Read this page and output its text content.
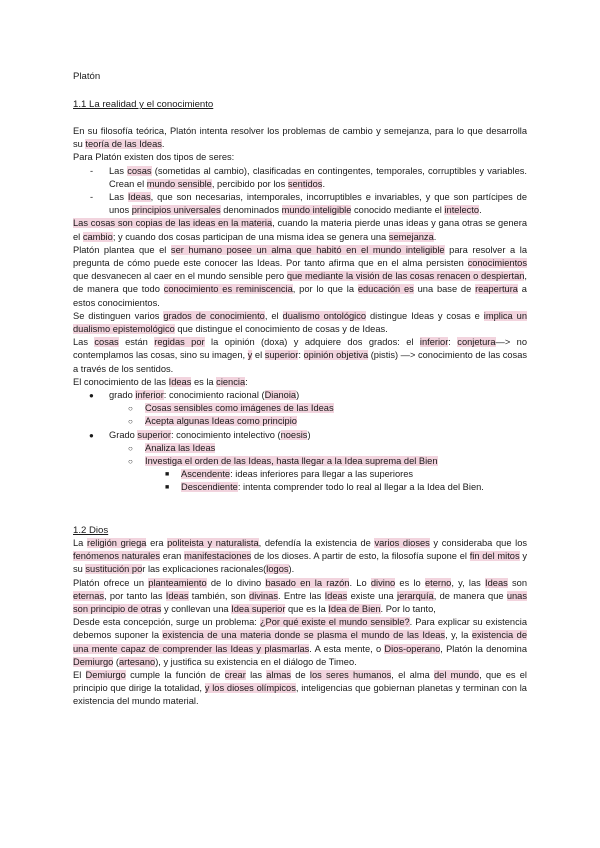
Platón
1.1 La realidad y el conocimiento

En su filosofía teórica, Platón intenta resolver los problemas de cambio y semejanza, para lo que desarrolla su teoría de las Ideas.

Para Platón existen dos tipos de seres:

- Las cosas (sometidas al cambio), clasificadas en contingentes, temporales, corruptibles y variables. Crean el mundo sensible, percibido por los sentidos.
- Las Ideas, que son necesarias, intemporales, incorruptibles e invariables, y que son partícipes de unos principios universales denominados mundo inteligible conocido mediante el intelecto.

Las cosas son copias de las ideas en la materia, cuando la materia pierde unas ideas y gana otras se genera el cambio; y cuando dos cosas participan de una misma idea se genera una semejanza.

Platón plantea que el ser humano posee un alma que habitó en el mundo inteligible para resolver a la pregunta de cómo puede este conocer las Ideas. Por tanto afirma que en el alma persisten conocimientos que desvanecen al caer en el mundo sensible pero que mediante la visión de las cosas renacen o despiertan, de manera que todo conocimiento es reminiscencia, por lo que la educación es una base de reapertura a estos conocimientos.

Se distinguen varios grados de conocimiento, el dualismo ontológico distingue Ideas y cosas e implica un dualismo epistemológico que distingue el conocimiento de cosas y de Ideas.

Las cosas están regidas por la opinión (doxa) y adquiere dos grados: el inferior: conjetura—> no contemplamos las cosas, sino su imagen, y el superior: opinión objetiva (pistis) —> conocimiento de las cosas a través de los sentidos.

El conocimiento de las Ideas es la ciencia:

● grado inferior: conocimiento racional (Dianoia)
○ Cosas sensibles como imágenes de las Ideas
○ Acepta algunas Ideas como principio
● Grado superior: conocimiento intelectivo (noesis)
○ Analiza las Ideas
○ Investiga el orden de las Ideas, hasta llegar a la Idea suprema del Bien
■ Ascendente: ideas inferiores para llegar a las superiores
■ Descendiente: intenta comprender todo lo real al llegar a la Idea del Bien.
1.2 Dios

La religión griega era politeista y naturalista, defendía la existencia de varios dioses y consideraba que los fenómenos naturales eran manifestaciones de los dioses. A partir de esto, la filosofía supone el fin del mitos y su sustitución por las explicaciones racionales(logos).

Platón ofrece un planteamiento de lo divino basado en la razón. Lo divino es lo eterno, y, las Ideas son eternas, por tanto las Ideas también, son divinas. Entre las Ideas existe una jerarquía, de manera que unas son principio de otras y conllevan una Idea superior que es la Idea de Bien. Por lo tanto,

Desde esta concepción, surge un problema: ¿Por qué existe el mundo sensible?. Para explicar su existencia debemos suponer la existencia de una materia donde se plasma el mundo de las Ideas, y, la existencia de una mente capaz de comprender las Ideas y plasmarlas. A esta mente, o Dios-operano, Platón la denomina Demiurgo (artesano), y justifica su existencia en el diálogo de Timeo.

El Demiurgo cumple la función de crear las almas de los seres humanos, el alma del mundo, que es el principio que dirige la totalidad, y los dioses olímpicos, inteligencias que gobiernan planetas y terminan con la existencia del mundo material.
